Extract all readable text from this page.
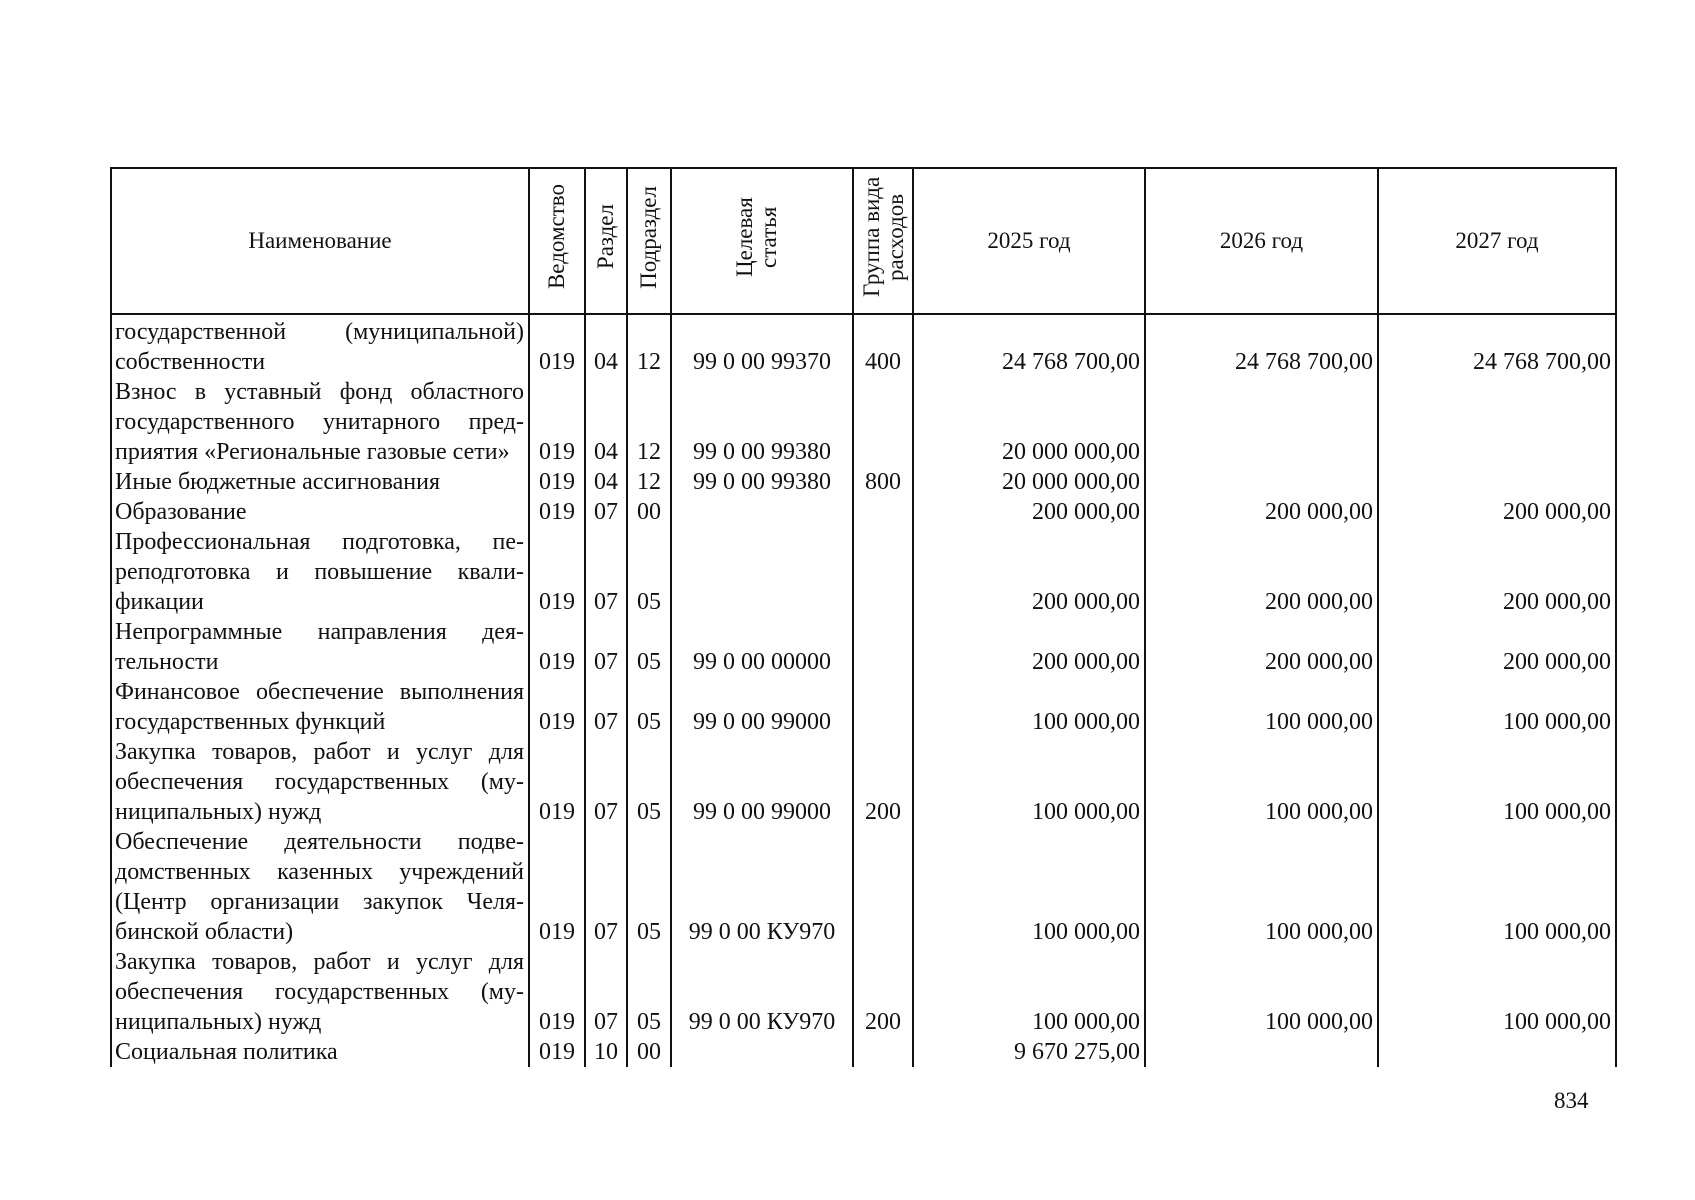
Наименование	Ведомство	Раздел	Подраздел	Целевая статья	Группа вида расходов	2025 год	2026 год	2027 год
государственной (муниципальной) собственности	019	04	12	99 0 00 99370	400	24 768 700,00	24 768 700,00	24 768 700,00
Взнос в уставный фонд областного государственного унитарного предприятия «Региональные газовые сети»	019	04	12	99 0 00 99380		20 000 000,00		
Иные бюджетные ассигнования	019	04	12	99 0 00 99380	800	20 000 000,00		
Образование	019	07	00			200 000,00	200 000,00	200 000,00
Профессиональная подготовка, переподготовка и повышение квалификации	019	07	05			200 000,00	200 000,00	200 000,00
Непрограммные направления деятельности	019	07	05	99 0 00 00000		200 000,00	200 000,00	200 000,00
Финансовое обеспечение выполнения государственных функций	019	07	05	99 0 00 99000		100 000,00	100 000,00	100 000,00
Закупка товаров, работ и услуг для обеспечения государственных (муниципальных) нужд	019	07	05	99 0 00 99000	200	100 000,00	100 000,00	100 000,00
Обеспечение деятельности подведомственных казенных учреждений (Центр организации закупок Челябинской области)	019	07	05	99 0 00 КУ970		100 000,00	100 000,00	100 000,00
Закупка товаров, работ и услуг для обеспечения государственных (муниципальных) нужд	019	07	05	99 0 00 КУ970	200	100 000,00	100 000,00	100 000,00
Социальная политика	019	10	00			9 670 275,00		
834
